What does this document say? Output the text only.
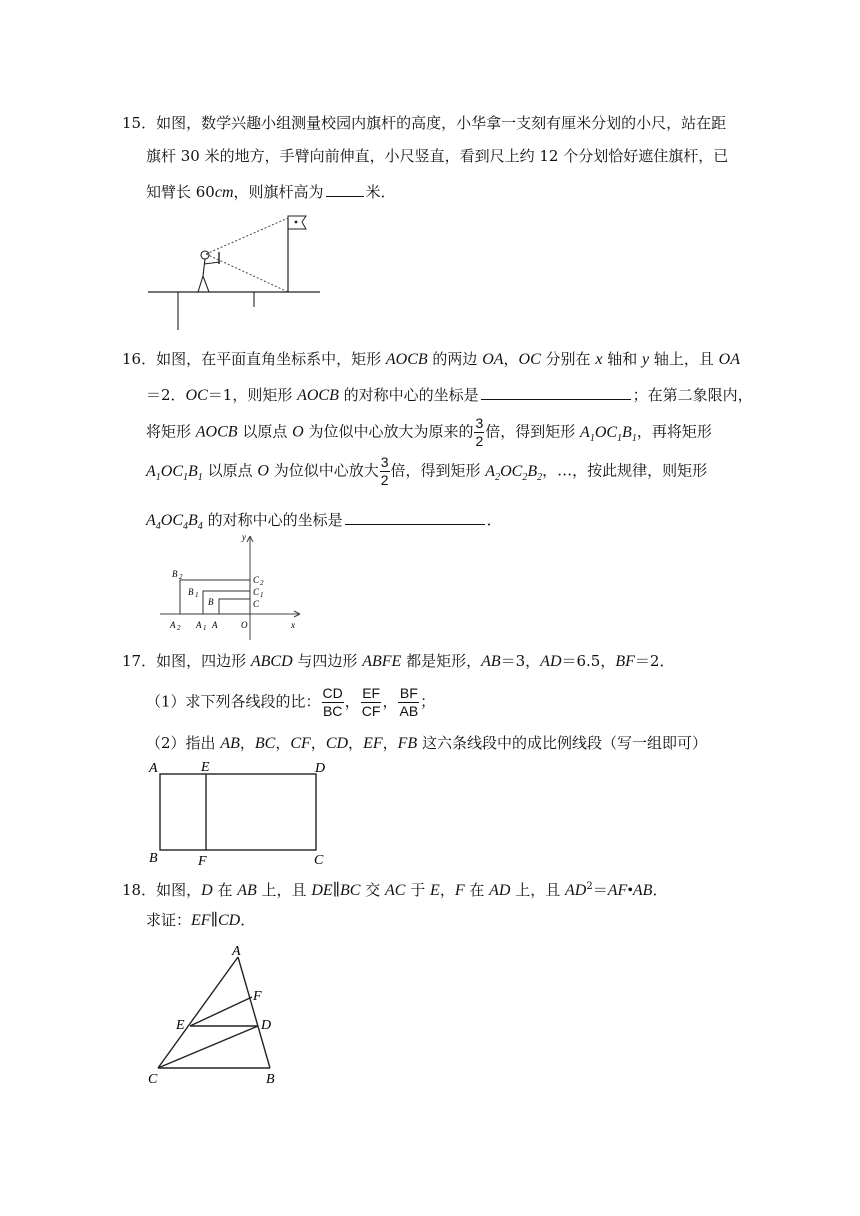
15．如图，数学兴趣小组测量校园内旗杆的高度，小华拿一支刻有厘米分划的小尺，站在距
旗杆 30 米的地方，手臂向前伸直，小尺竖直，看到尺上约 12 个分划恰好遮住旗杆，已
知臂长 60cm，则旗杆高为	米．
16．如图，在平面直角坐标系中，矩形 AOCB 的两边 OA，OC 分别在 x 轴和 y 轴上，且 OA
＝2．OC＝1，则矩形 AOCB 的对称中心的坐标是	；在第二象限内，
将矩形 AOCB 以原点 O 为位似中心放大为原来的 $\frac{3}{2}$ 倍，得到矩形 $A_1OC_1B_1$，再将矩形
$A_1OC_1B_1$ 以原点 O 为位似中心放大 $\frac{3}{2}$ 倍，得到矩形 $A_2OC_2B_2$，…，按此规律，则矩形
$A_4OC_4B_4$ 的对称中心的坐标是	．
y
x
B 2
B 1
B
C 2
C 1
C
A 2 A 1 A	O
17．如图，四边形 ABCD 与四边形 ABFE 都是矩形，AB＝3，AD＝6.5，BF＝2．
（1）求下列各线段的比： $\frac{CD}{BC}$ ， $\frac{EF}{CF}$ ， $\frac{BF}{AB}$ ；
（2）指出 AB，BC，CF，CD，EF，FB 这六条线段中的成比例线段（写一组即可）
A	E	D
B	F	C
18．如图，D 在 AB 上，且 DE∥BC 交 AC 于 E，F 在 AD 上，且 $AD^2=AF•AB$．
求证：EF∥CD．
A
F
E	D
C	B
